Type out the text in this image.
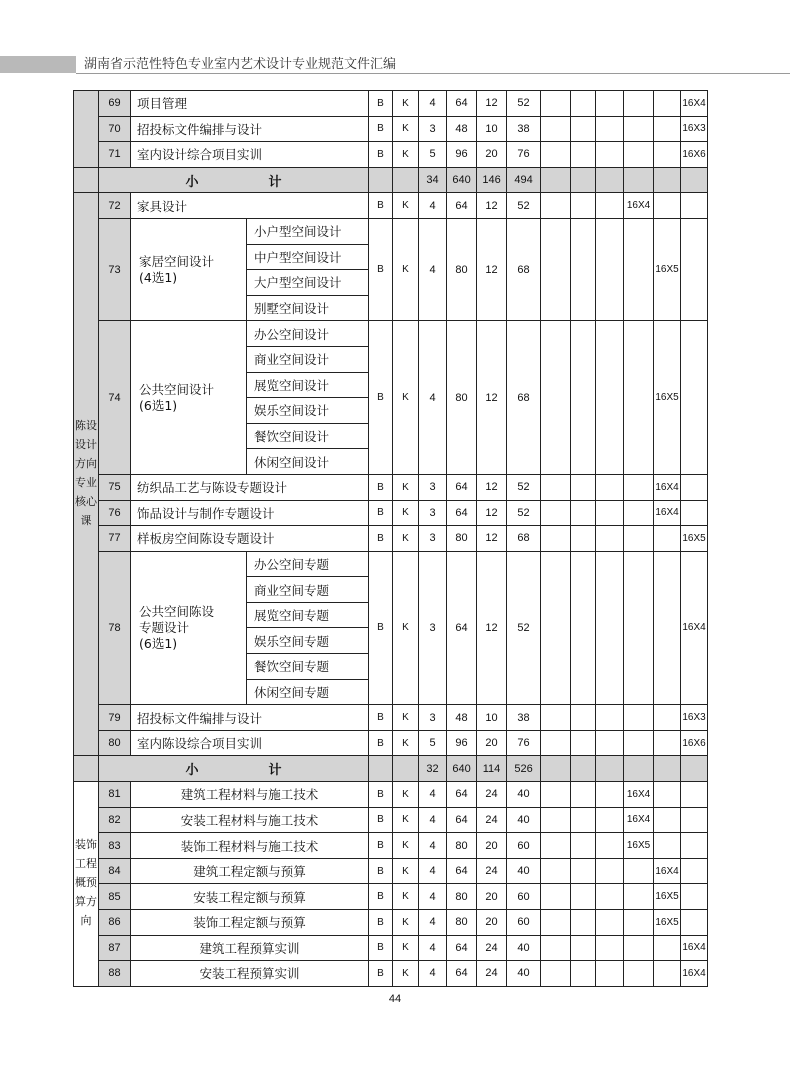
湖南省示范性特色专业室内艺术设计专业规范文件汇编
	69	项目管理		B	K	4	64	12	52						16X4
	70	招投标文件编排与设计		B	K	3	48	10	38						16X3
	71	室内设计综合项目实训		B	K	5	96	20	76						16X6
	小 计					34	640	146	494						
陈设设计方向专业核心课	72	家具设计		B	K	4	64	12	52				16X4		
	73	家居空间设计
(4选1)	小户型空间设计	B	K	4	80	12	68					16X5	
			中户型空间设计												
			大户型空间设计												
			别墅空间设计												
	74	公共空间设计
(6选1)	办公空间设计	B	K	4	80	12	68					16X5	
			商业空间设计												
			展览空间设计												
			娱乐空间设计												
			餐饮空间设计												
			休闲空间设计												
	75	纺织品工艺与陈设专题设计		B	K	3	64	12	52					16X4	
	76	饰品设计与制作专题设计		B	K	3	64	12	52					16X4	
	77	样板房空间陈设专题设计		B	K	3	80	12	68						16X5
	78	公共空间陈设
专题设计
(6选1)	办公空间专题	B	K	3	64	12	52						16X4
			商业空间专题												
			展览空间专题												
			娱乐空间专题												
			餐饮空间专题												
			休闲空间专题												
	79	招投标文件编排与设计		B	K	3	48	10	38						16X3
	80	室内陈设综合项目实训		B	K	5	96	20	76						16X6
	小 计					32	640	114	526						
装饰工程概预算方向	81	建筑工程材料与施工技术		B	K	4	64	24	40				16X4		
	82	安装工程材料与施工技术		B	K	4	64	24	40				16X4		
	83	装饰工程材料与施工技术		B	K	4	80	20	60				16X5		
	84	建筑工程定额与预算		B	K	4	64	24	40					16X4	
	85	安装工程定额与预算		B	K	4	80	20	60					16X5	
	86	装饰工程定额与预算		B	K	4	80	20	60					16X5	
	87	建筑工程预算实训		B	K	4	64	24	40						16X4
	88	安装工程预算实训		B	K	4	64	24	40						16X4
44
